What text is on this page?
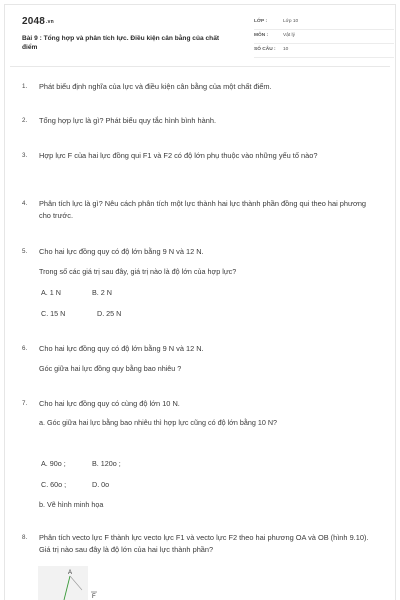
$2048^{.vn}$
Bài 9 : Tổng hợp và phân tích lực. Điều kiện cân bằng của chất điểm
LỚP :	Lớp 10
MÔN :	Vật lý
SỐ CÂU : 10
1. Phát biểu định nghĩa của lực và điều kiện cân bằng của một chất điểm.
2. Tổng hợp lực là gì? Phát biểu quy tắc hình bình hành.
3. Hợp lực F của hai lực đồng qui F1 và F2 có độ lớn phụ thuộc vào những yếu tố nào?
4. Phân tích lực là gì? Nêu cách phân tích một lực thành hai lực thành phần đồng qui theo hai phương cho trước.
5. Cho hai lực đồng quy có độ lớn bằng 9 N và 12 N.
Trong số các giá trị sau đây, giá trị nào là độ lớn của hợp lực?
A. 1 N	B. 2 N
C. 15 N	D. 25 N
6. Cho hai lực đồng quy có độ lớn bằng 9 N và 12 N.
Góc giữa hai lực đồng quy bằng bao nhiêu ?
7. Cho hai lực đồng quy có cùng độ lớn 10 N.
a. Góc giữa hai lực bằng bao nhiêu thì hợp lực cũng có độ lớn bằng 10 N?
A. 90o ;	B. 120o ;
C. 60o ;	D. 0o
b. Vẽ hình minh họa
8. Phân tích vecto lực F thành lực vecto lực F1 và vecto lực F2 theo hai phương OA và OB (hình 9.10). Giá trị nào sau đây là độ lớn của hai lực thành phần?
A
F
